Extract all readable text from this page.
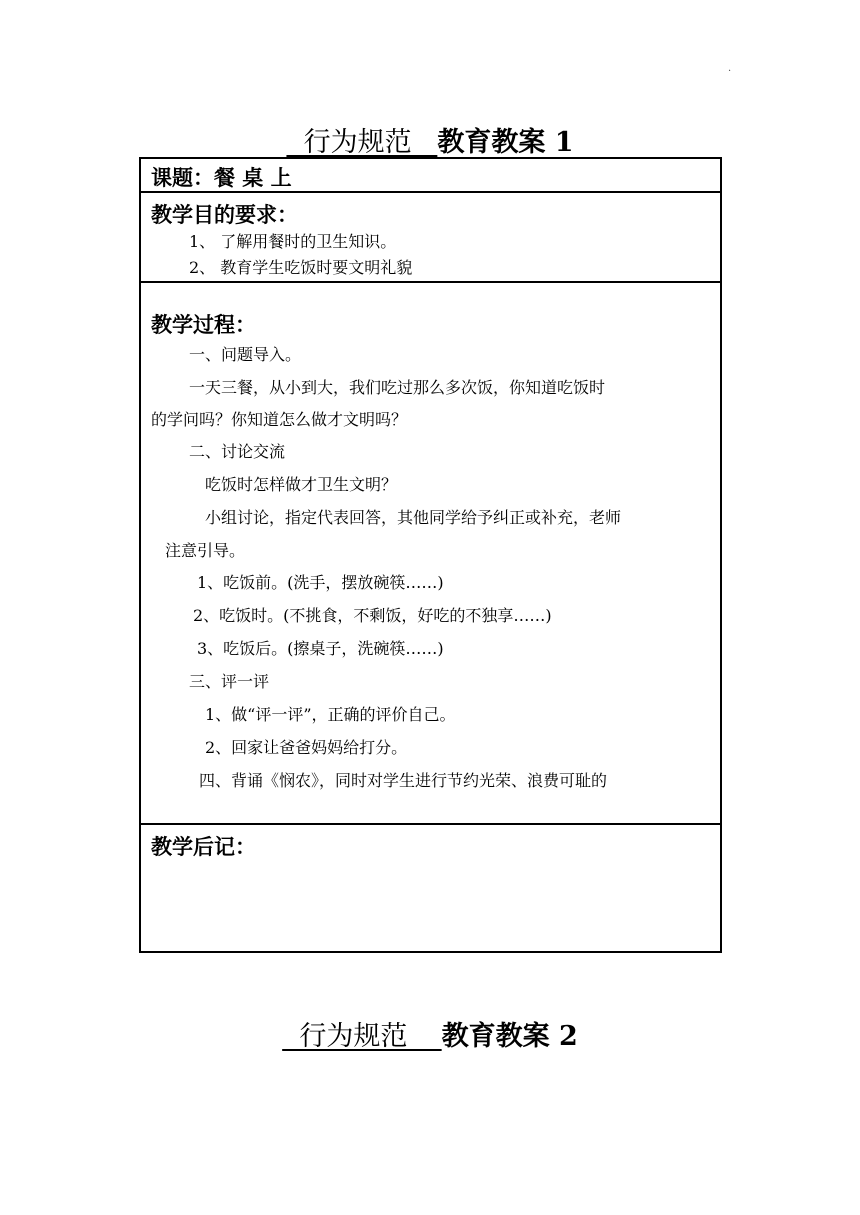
·
行为规范   教育教案 1
课题：餐 桌 上
教学目的要求：
1、 了解用餐时的卫生知识。
2、 教育学生吃饭时要文明礼貌
教学过程：
一、问题导入。
一天三餐，从小到大，我们吃过那么多次饭，你知道吃饭时
的学问吗？你知道怎么做才文明吗？
二、讨论交流
吃饭时怎样做才卫生文明？
小组讨论，指定代表回答，其他同学给予纠正或补充，老师
注意引导。
1、吃饭前。(洗手，摆放碗筷……)
2、吃饭时。(不挑食，不剩饭，好吃的不独享……)
3、吃饭后。(擦桌子，洗碗筷……)
三、评一评
1、做“评一评”，正确的评价自己。
2、回家让爸爸妈妈给打分。
四、背诵《悯农》，同时对学生进行节约光荣、浪费可耻的
教学后记：
行为规范    教育教案 2
